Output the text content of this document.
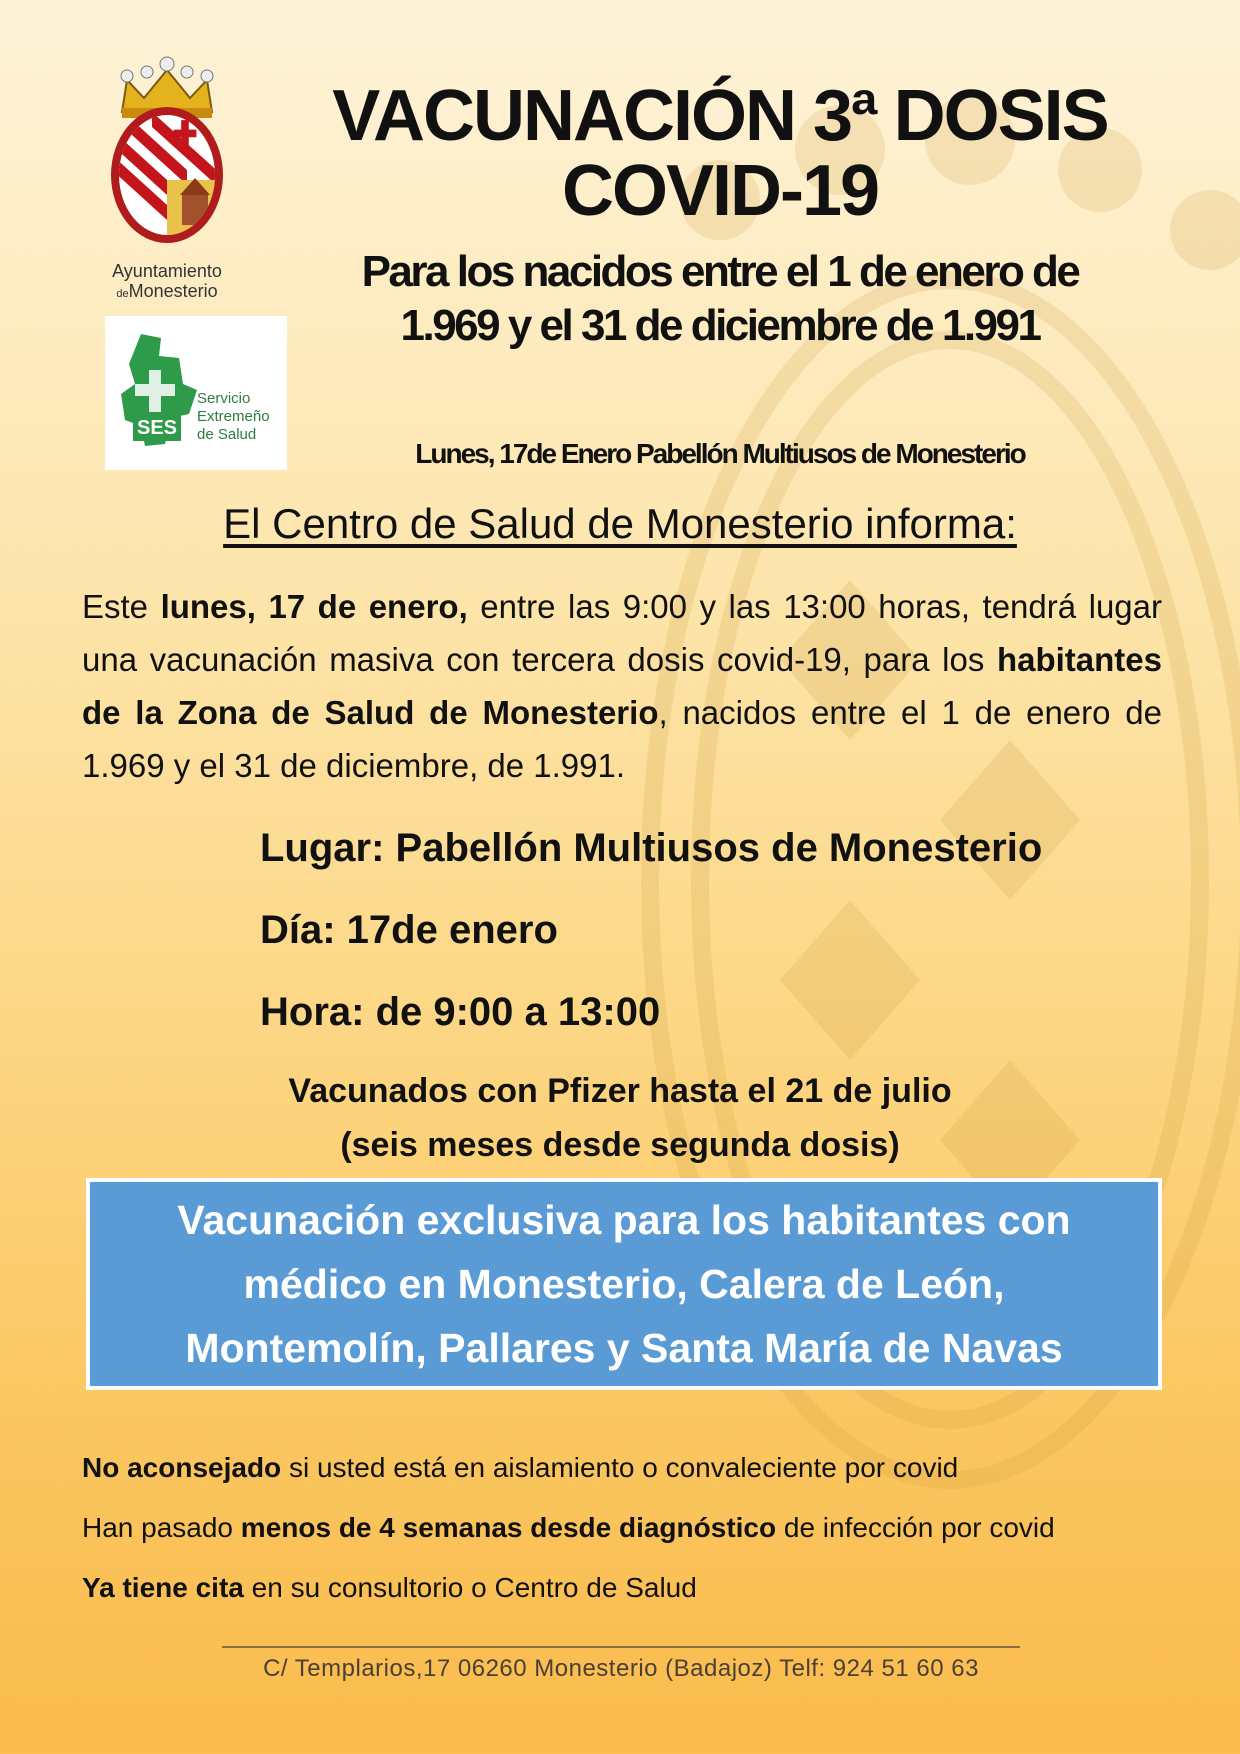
Ayuntamiento
deMonesterio
SES
Servicio
Extremeño
de Salud
VACUNACIÓN 3ª DOSIS
COVID-19
Para los nacidos entre el 1 de enero de
1.969 y el 31 de diciembre de 1.991
Lunes, 17de Enero Pabellón Multiusos de Monesterio
El Centro de Salud de Monesterio informa:
Este lunes, 17 de enero, entre las 9:00 y las 13:00 horas, tendrá lugar una vacunación masiva con tercera dosis covid-19, para los habitantes de la Zona de Salud de Monesterio, nacidos entre el 1 de enero de 1.969 y el 31 de diciembre, de 1.991.
Lugar: Pabellón Multiusos de Monesterio
Día: 17de enero
Hora: de 9:00 a 13:00
Vacunados con Pfizer hasta el 21 de julio
(seis meses desde segunda dosis)
Vacunación exclusiva para los habitantes con
médico en Monesterio, Calera de León,
Montemolín, Pallares y Santa María de Navas
No aconsejado si usted está en aislamiento o convaleciente por covid
Han pasado menos de 4 semanas desde diagnóstico de infección por covid
Ya tiene cita en su consultorio o Centro de Salud
C/ Templarios,17 06260 Monesterio (Badajoz) Telf: 924 51 60 63
